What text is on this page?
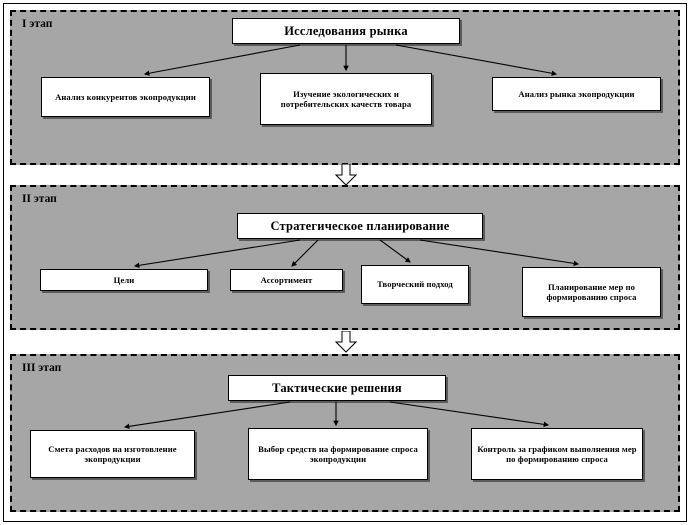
I этап	Исследования рынка
Анализ конкурентов экопродукции	Изучение экологических и потребительских качеств товара
Анализ рынка экопродукции
II этап
Стратегическое планирование
Цели	Ассортимент	Творческий подход	Планирование мер по формированию спроса
III этап
Тактические решения
Смета расходов на изготовление экопродукции
Выбор средств на формирование спроса экопродукции
Контроль за графиком выполнения мер по формированию спроса
